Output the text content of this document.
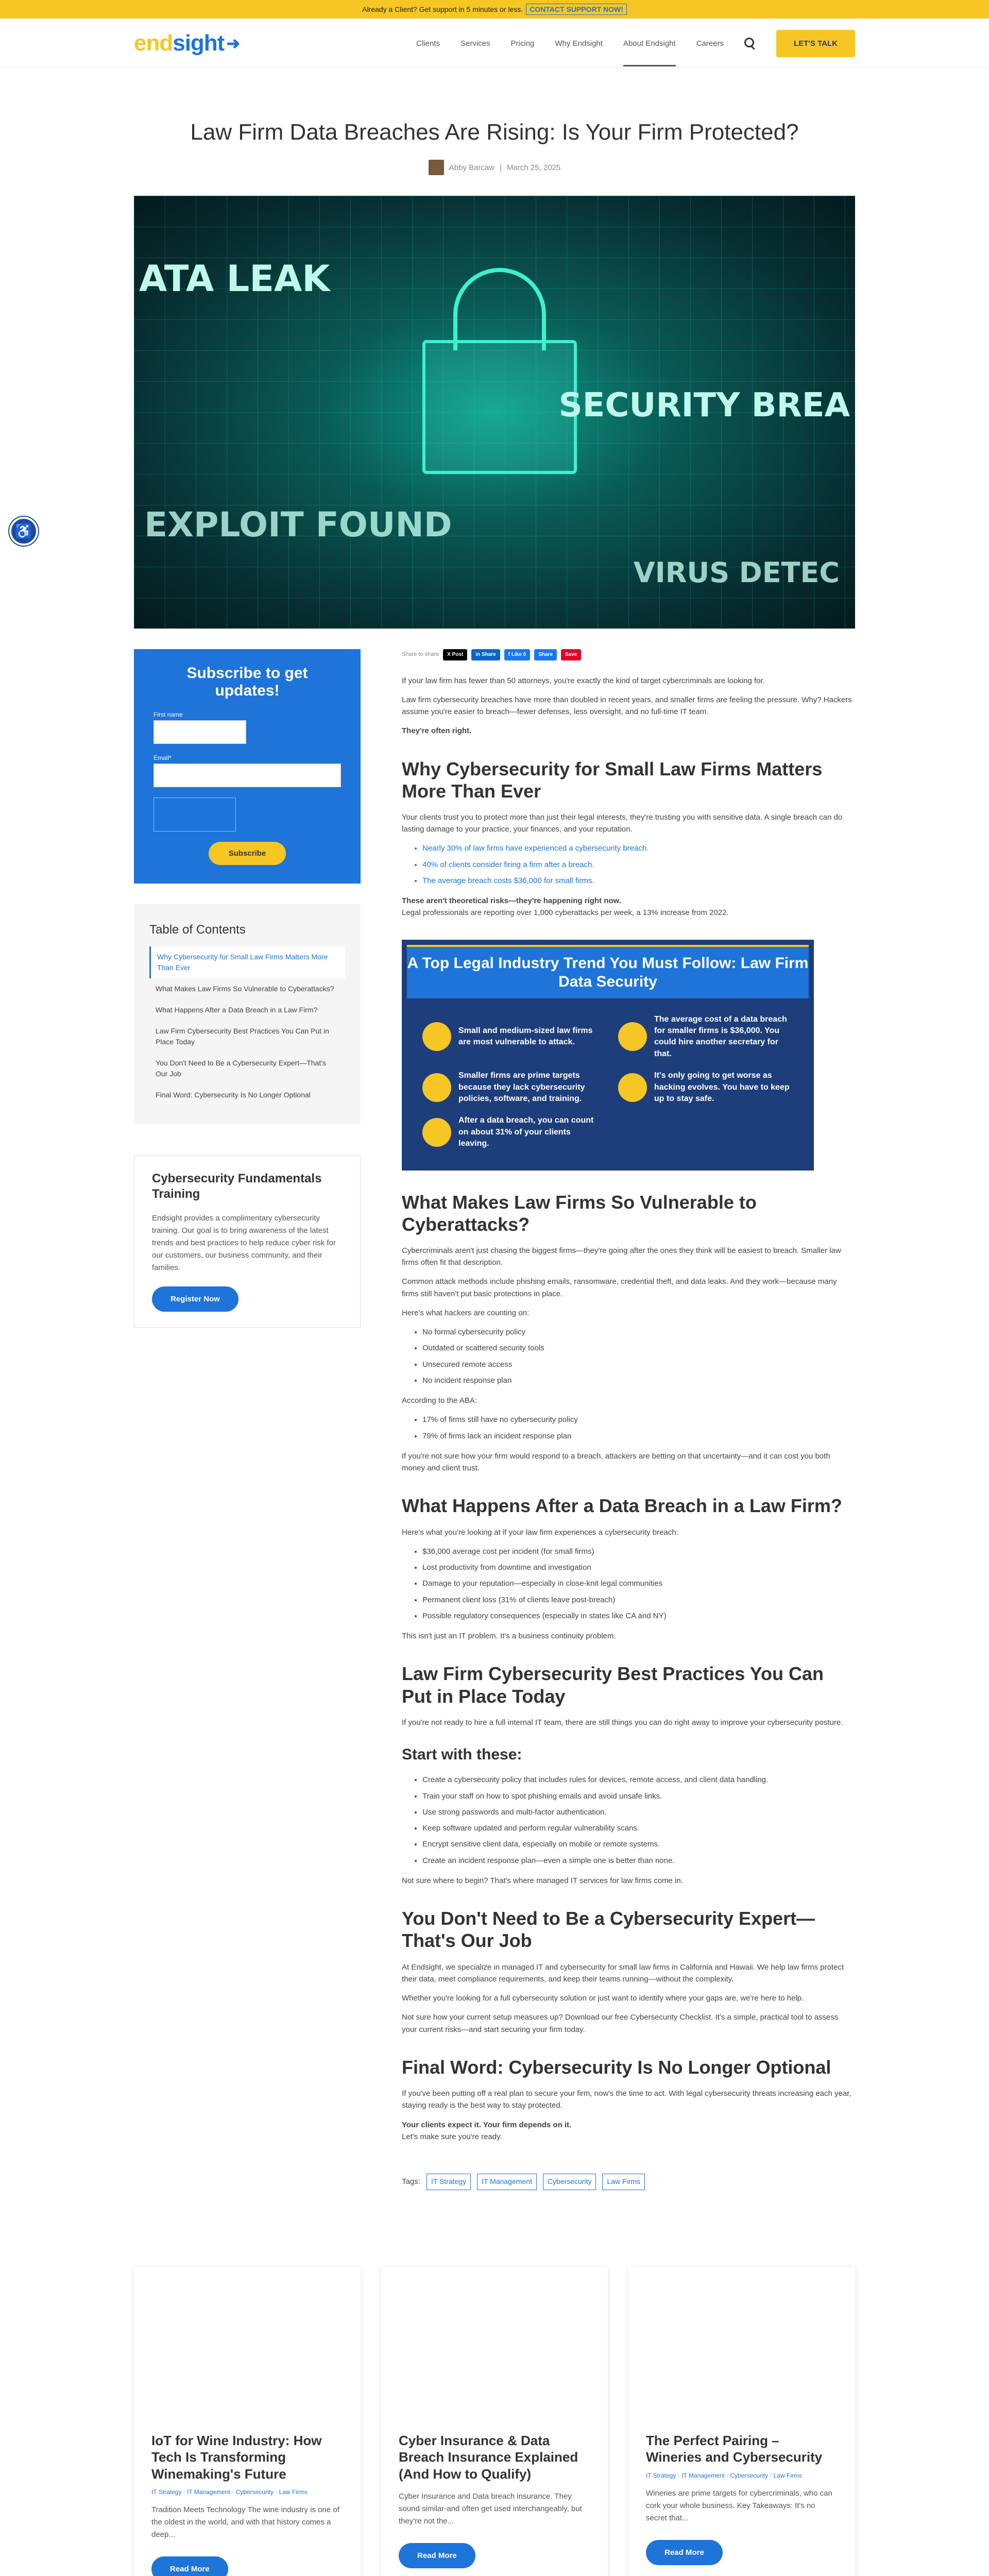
Already a Client? Get support in 5 minutes or less. CONTACT SUPPORT NOW!
end sight ➜	Clients	Services	Pricing	Why Endsight	About Endsight	Careers	LET'S TALK
♿
Law Firm Data Breaches Are Rising: Is Your Firm Protected?
Abby Barcaw | March 25, 2025
ATA LEAK
SECURITY BREA
EXPLOIT FOUND
VIRUS DETEC
Subscribe to get updates!
First name
Email*
Subscribe
Table of Contents
Why Cybersecurity for Small Law Firms Matters More Than Ever
What Makes Law Firms So Vulnerable to Cyberattacks?
What Happens After a Data Breach in a Law Firm?
Law Firm Cybersecurity Best Practices You Can Put in Place Today
You Don't Need to Be a Cybersecurity Expert—That's Our Job
Final Word: Cybersecurity Is No Longer Optional
Cybersecurity Fundamentals Training

Endsight provides a complimentary cybersecurity training. Our goal is to bring awareness of the latest trends and best practices to help reduce cyber risk for our customers, our business community, and their families.

Register Now
Share to share	X Post	in Share	f Like 0	Share	Save

If your law firm has fewer than 50 attorneys, you're exactly the kind of target cybercriminals are looking for.

Law firm cybersecurity breaches have more than doubled in recent years, and smaller firms are feeling the pressure. Why? Hackers assume you're easier to breach—fewer defenses, less oversight, and no full-time IT team.

They're often right.

Why Cybersecurity for Small Law Firms Matters More Than Ever

Your clients trust you to protect more than just their legal interests, they're trusting you with sensitive data. A single breach can do lasting damage to your practice, your finances, and your reputation.

• Nearly 30% of law firms have experienced a cybersecurity breach.
• 40% of clients consider firing a firm after a breach.
• The average breach costs $36,000 for small firms.

These aren't theoretical risks—they're happening right now.

Legal professionals are reporting over 1,000 cyberattacks per week, a 13% increase from 2022.

A Top Legal Industry Trend You Must Follow: Law Firm Data Security
Small and medium-sized law firms are most vulnerable to attack.
The average cost of a data breach for smaller firms is $36,000. You could hire another secretary for that.
Smaller firms are prime targets because they lack cybersecurity policies, software, and training.
It's only going to get worse as hacking evolves. You have to keep up to stay safe.
After a data breach, you can count on about 31% of your clients leaving.
What Makes Law Firms So Vulnerable to Cyberattacks?

Cybercriminals aren't just chasing the biggest firms—they're going after the ones they think will be easiest to breach. Smaller law firms often fit that description.

Common attack methods include phishing emails, ransomware, credential theft, and data leaks. And they work—because many firms still haven't put basic protections in place.

Here's what hackers are counting on:

• No formal cybersecurity policy
• Outdated or scattered security tools
• Unsecured remote access
• No incident response plan

According to the ABA:

• 17% of firms still have no cybersecurity policy
• 79% of firms lack an incident response plan

If you're not sure how your firm would respond to a breach, attackers are betting on that uncertainty—and it can cost you both money and client trust.

What Happens After a Data Breach in a Law Firm?

Here's what you're looking at if your law firm experiences a cybersecurity breach:

• $36,000 average cost per incident (for small firms)
• Lost productivity from downtime and investigation
• Damage to your reputation—especially in close-knit legal communities
• Permanent client loss (31% of clients leave post-breach)
• Possible regulatory consequences (especially in states like CA and NY)

This isn't just an IT problem. It's a business continuity problem.

Law Firm Cybersecurity Best Practices You Can Put in Place Today

If you're not ready to hire a full internal IT team, there are still things you can do right away to improve your cybersecurity posture.

Start with these:
• Create a cybersecurity policy that includes rules for devices, remote access, and client data handling.
• Train your staff on how to spot phishing emails and avoid unsafe links.
• Use strong passwords and multi-factor authentication.
• Keep software updated and perform regular vulnerability scans.
• Encrypt sensitive client data, especially on mobile or remote systems.
• Create an incident response plan—even a simple one is better than none.

Not sure where to begin? That's where managed IT services for law firms come in.

You Don't Need to Be a Cybersecurity Expert—That's Our Job

At Endsight, we specialize in managed IT and cybersecurity for small law firms in California and Hawaii. We help law firms protect their data, meet compliance requirements, and keep their teams running—without the complexity.

Whether you're looking for a full cybersecurity solution or just want to identify where your gaps are, we're here to help.

Not sure how your current setup measures up? Download our free Cybersecurity Checklist. It's a simple, practical tool to assess your current risks—and start securing your firm today.

Final Word: Cybersecurity Is No Longer Optional

If you've been putting off a real plan to secure your firm, now's the time to act. With legal cybersecurity threats increasing each year, staying ready is the best way to stay protected.

Your clients expect it. Your firm depends on it.

Let's make sure you're ready.

Tags:	IT Strategy	IT Management	Cybersecurity	Law Firms
IoT for Wine Industry: How Tech Is Transforming Winemaking's Future
IT Strategy · IT Management · Cybersecurity · Law Firms

Tradition Meets Technology The wine industry is one of the oldest in the world, and with that history comes a deep...

Read More
Cyber Insurance & Data Breach Insurance Explained (And How to Qualify)

Cyber Insurance and Data breach insurance. They sound similar-and often get used interchangeably, but they're not the...

Read More
The Perfect Pairing – Wineries and Cybersecurity
IT Strategy · IT Management · Cybersecurity · Law Firms

Wineries are prime targets for cybercriminals, who can cork your whole business. Key Takeaways: It's no secret that...

Read More
